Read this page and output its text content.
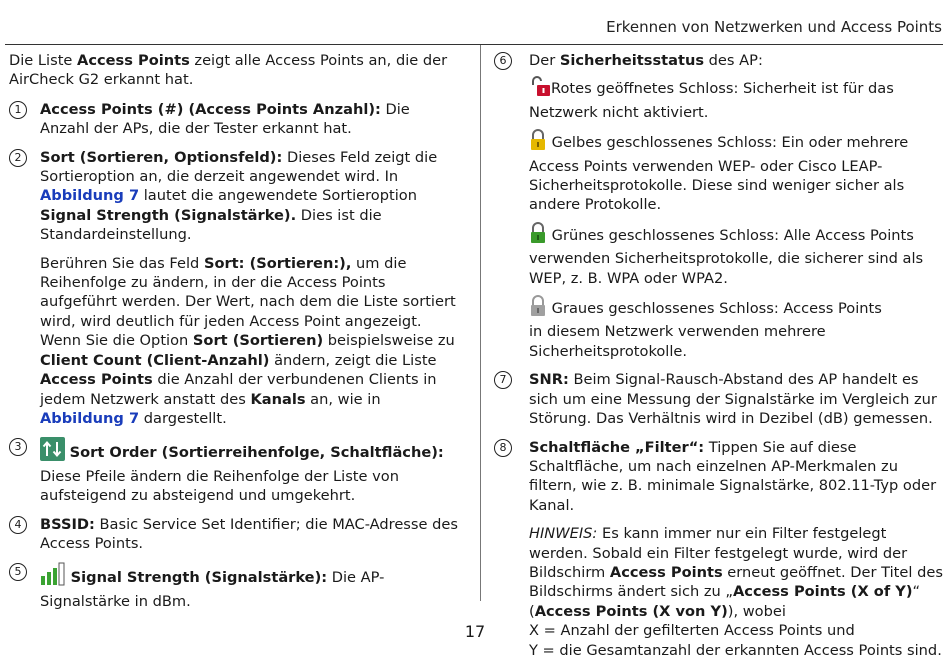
Erkennen von Netzwerken und Access Points

Die Liste Access Points zeigt alle Access Points an, die der AirCheck G2 erkannt hat.

1	Access Points (#) (Access Points Anzahl): Die Anzahl der APs, die der Tester erkannt hat.

2	Sort (Sortieren, Optionsfeld): Dieses Feld zeigt die Sortieroption an, die derzeit angewendet wird. In Abbildung 7 lautet die angewendete Sortieroption Signal Strength (Signalstärke). Dies ist die Standardeinstellung.

Berühren Sie das Feld Sort: (Sortieren:), um die Reihenfolge zu ändern, in der die Access Points aufgeführt werden. Der Wert, nach dem die Liste sortiert wird, wird deutlich für jeden Access Point angezeigt. Wenn Sie die Option Sort (Sortieren) beispielsweise zu Client Count (Client-Anzahl) ändern, zeigt die Liste Access Points die Anzahl der verbundenen Clients in jedem Netzwerk anstatt des Kanals an, wie in Abbildung 7 dargestellt.

3	Sort Order (Sortierreihenfolge, Schaltfläche):
Diese Pfeile ändern die Reihenfolge der Liste von aufsteigend zu absteigend und umgekehrt.

4	BSSID: Basic Service Set Identifier; die MAC-Adresse des Access Points.

5	Signal Strength (Signalstärke): Die AP-Signalstärke in dBm.

6	Der Sicherheitsstatus des AP:

Rotes geöffnetes Schloss: Sicherheit ist für das Netzwerk nicht aktiviert.

Gelbes geschlossenes Schloss: Ein oder mehrere Access Points verwenden WEP- oder Cisco LEAP-Sicherheitsprotokolle. Diese sind weniger sicher als andere Protokolle.

Grünes geschlossenes Schloss: Alle Access Points verwenden Sicherheitsprotokolle, die sicherer sind als WEP, z. B. WPA oder WPA2.

Graues geschlossenes Schloss: Access Points
in diesem Netzwerk verwenden mehrere Sicherheitsprotokolle.

7	SNR: Beim Signal-Rausch-Abstand des AP handelt es sich um eine Messung der Signalstärke im Vergleich zur Störung. Das Verhältnis wird in Dezibel (dB) gemessen.

8	Schaltfläche „Filter“: Tippen Sie auf diese Schaltfläche, um nach einzelnen AP-Merkmalen zu filtern, wie z. B. minimale Signalstärke, 802.11-Typ oder Kanal.

HINWEIS: Es kann immer nur ein Filter festgelegt werden. Sobald ein Filter festgelegt wurde, wird der Bildschirm Access Points erneut geöffnet. Der Titel des Bildschirms ändert sich zu „Access Points (X of Y)“ (Access Points (X von Y)), wobei
X = Anzahl der gefilterten Access Points und
Y = die Gesamtanzahl der erkannten Access Points sind.

17
